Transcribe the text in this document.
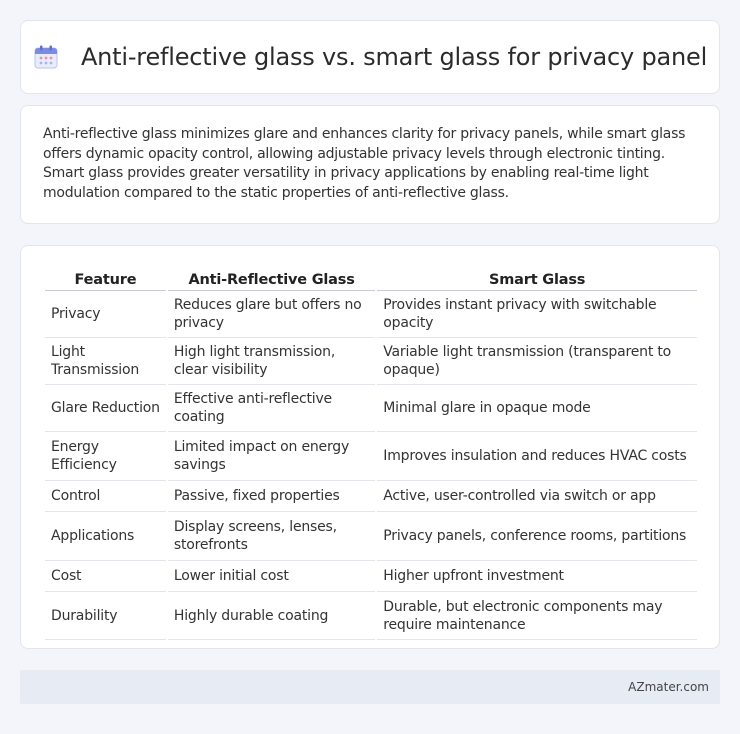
Anti-reflective glass vs. smart glass for privacy panel

Anti-reflective glass minimizes glare and enhances clarity for privacy panels, while smart glass offers dynamic opacity control, allowing adjustable privacy levels through electronic tinting. Smart glass provides greater versatility in privacy applications by enabling real-time light modulation compared to the static properties of anti-reflective glass.

Feature	Anti-Reflective Glass	Smart Glass
Privacy	Reduces glare but offers no privacy	Provides instant privacy with switchable opacity
Light Transmission	High light transmission, clear visibility	Variable light transmission (transparent to opaque)
Glare Reduction	Effective anti-reflective coating	Minimal glare in opaque mode
Energy Efficiency	Limited impact on energy savings	Improves insulation and reduces HVAC costs
Control	Passive, fixed properties	Active, user-controlled via switch or app
Applications	Display screens, lenses, storefronts	Privacy panels, conference rooms, partitions
Cost	Lower initial cost	Higher upfront investment
Durability	Highly durable coating	Durable, but electronic components may require maintenance
AZmater.com
